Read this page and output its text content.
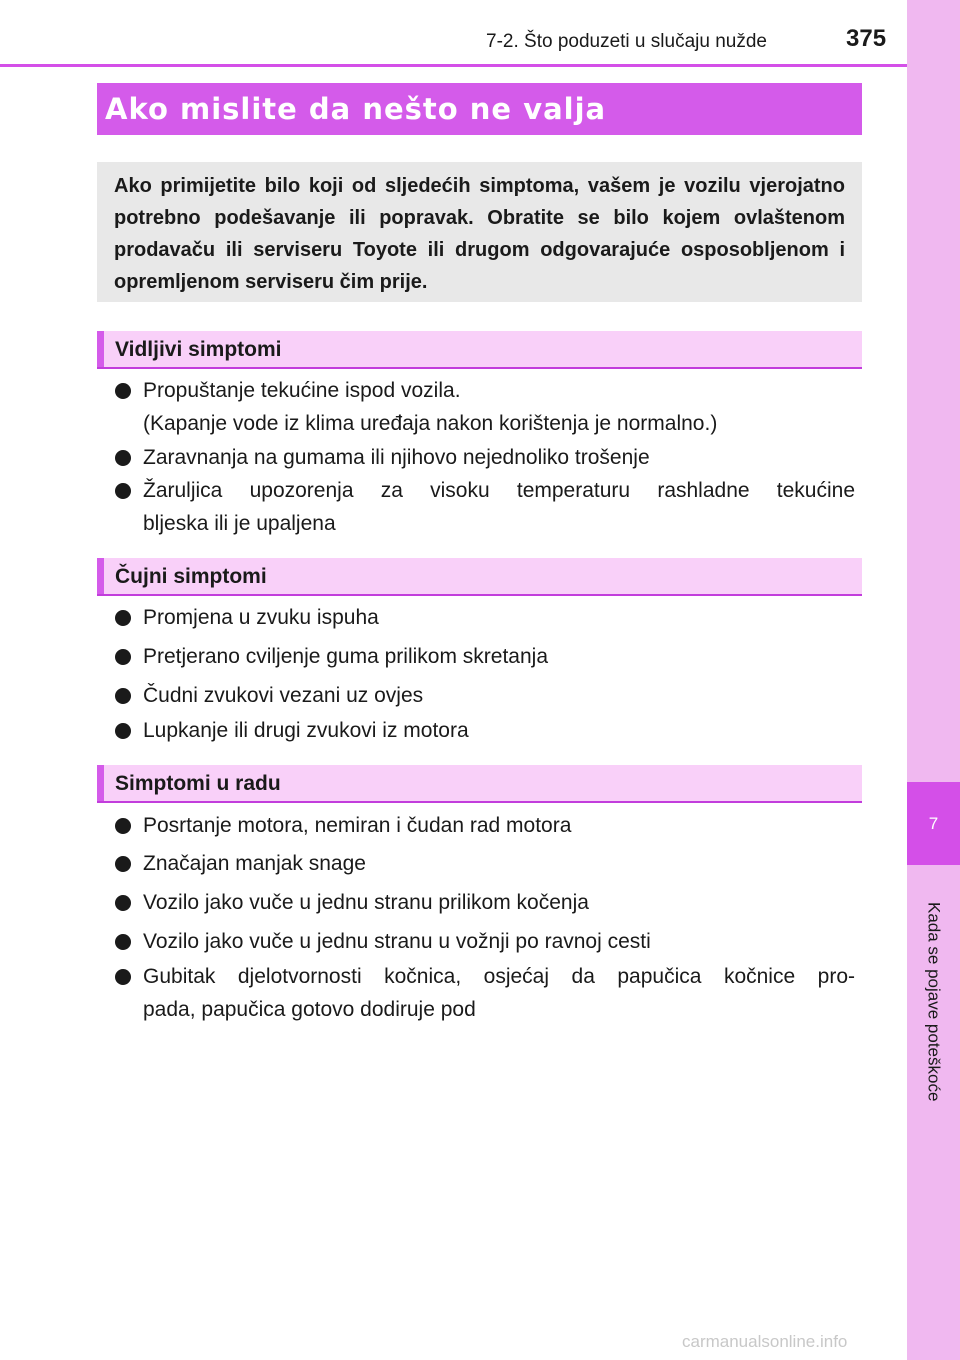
7
Kada se pojave poteškoće
7-2. Što poduzeti u slučaju nužde	375
Ako mislite da nešto ne valja

Ako primijetite bilo koji od sljedećih simptoma, vašem je vozilu vjerojatno potrebno podešavanje ili popravak. Obratite se bilo kojem ovlaštenom prodavaču ili serviseru Toyote ili drugom odgovarajuće osposobljenom i opremljenom serviseru čim prije.

Vidljivi simptomi
Propuštanje tekućine ispod vozila.
(Kapanje vode iz klima uređaja nakon korištenja je normalno.)
Zaravnanja na gumama ili njihovo nejednoliko trošenje
Žaruljica upozorenja za visoku temperaturu rashladne tekućine
bljeska ili je upaljena
Čujni simptomi
Promjena u zvuku ispuha
Pretjerano cviljenje guma prilikom skretanja
Čudni zvukovi vezani uz ovjes
Lupkanje ili drugi zvukovi iz motora
Simptomi u radu
Posrtanje motora, nemiran i čudan rad motora
Značajan manjak snage
Vozilo jako vuče u jednu stranu prilikom kočenja
Vozilo jako vuče u jednu stranu u vožnji po ravnoj cesti
Gubitak djelotvornosti kočnica, osjećaj da papučica kočnice pro-
pada, papučica gotovo dodiruje pod
carmanualsonline.info
